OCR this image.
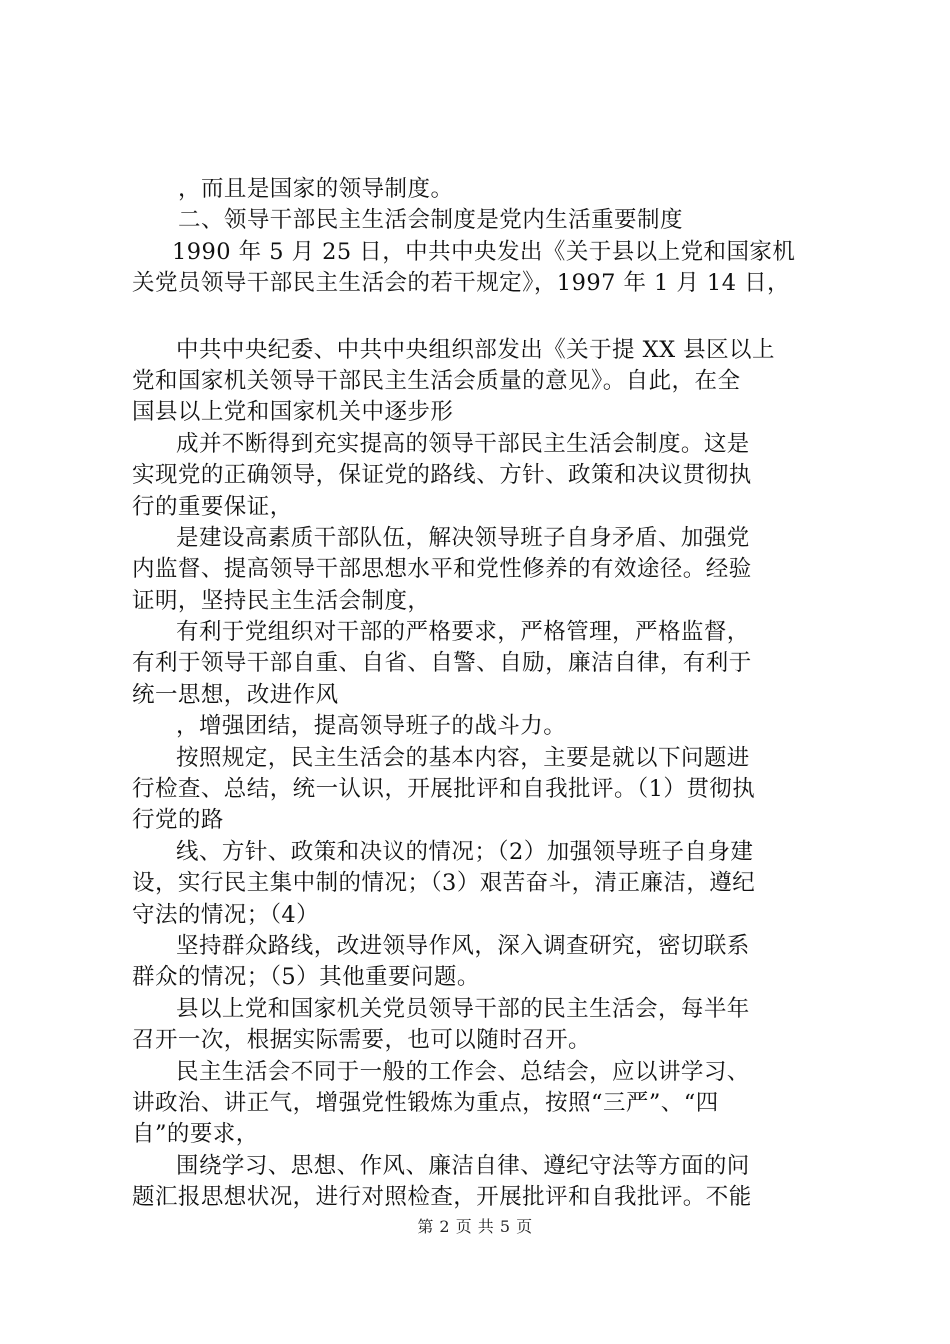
，而且是国家的领导制度。
二、领导干部民主生活会制度是党内生活重要制度
1990 年 5 月 25 日，中共中央发出《关于县以上党和国家机
关党员领导干部民主生活会的若干规定》，1997 年 1 月 14 日，
中共中央纪委、中共中央组织部发出《关于提 XX 县区以上
党和国家机关领导干部民主生活会质量的意见》。自此，在全
国县以上党和国家机关中逐步形
成并不断得到充实提高的领导干部民主生活会制度。这是
实现党的正确领导，保证党的路线、方针、政策和决议贯彻执
行的重要保证，
是建设高素质干部队伍，解决领导班子自身矛盾、加强党
内监督、提高领导干部思想水平和党性修养的有效途径。经验
证明，坚持民主生活会制度，
有利于党组织对干部的严格要求，严格管理，严格监督，
有利于领导干部自重、自省、自警、自励，廉洁自律，有利于
统一思想，改进作风
，增强团结，提高领导班子的战斗力。
按照规定，民主生活会的基本内容，主要是就以下问题进
行检查、总结，统一认识，开展批评和自我批评。（1）贯彻执
行党的路
线、方针、政策和决议的情况；（2）加强领导班子自身建
设，实行民主集中制的情况；（3）艰苦奋斗，清正廉洁，遵纪
守法的情况；（4）
坚持群众路线，改进领导作风，深入调查研究，密切联系
群众的情况；（5）其他重要问题。
县以上党和国家机关党员领导干部的民主生活会，每半年
召开一次，根据实际需要，也可以随时召开。
民主生活会不同于一般的工作会、总结会，应以讲学习、
讲政治、讲正气，增强党性锻炼为重点，按照“三严”、“四
自”的要求，
围绕学习、思想、作风、廉洁自律、遵纪守法等方面的问
题汇报思想状况，进行对照检查，开展批评和自我批评。不能
第 2 页 共 5 页
